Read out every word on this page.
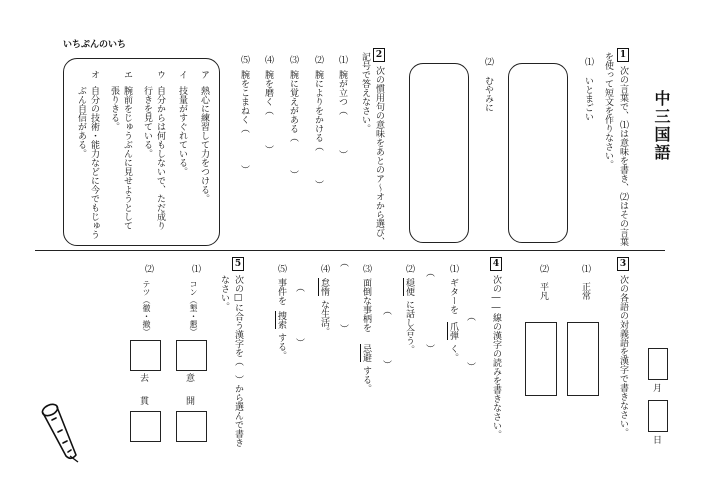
中三国語
いちぷんのいち
1
次の言葉で、⑴は意味を書き、⑵はその言葉
を使って短文を作りなさい。
⑴
いとまごい
⑵
むやみに
2
次の慣用句の意味をあとのア〜オから選び、
記号で答えなさい。
⑴
腕が立つ（
）
⑵
腕によりをかける（
）
⑶
腕に覚えがある（
）
⑷
腕を磨く（
）
⑸
腕をこまねく（
）
ア
熱心に練習して力をつける。
イ
技量がすぐれている。
ウ
自分からは何もしないで、ただ成り
行きを見ている。
エ
腕前をじゅうぶんに見せようとして
張りきる。
オ
自分の技術・能力などに今でもじゅう
ぶん自信がある。
月
日
3
次の各語の対義語を漢字で書きなさい。
⑴
正常
⑵
平凡
4
次の――線の漢字の読みを書きなさい。
⑴
ギターを
爪弾
く。
（
）
⑵
穏便
に話し合う。
（
）
⑶
面倒な事柄を
忌避
する。
（
）
⑷
怠惰
な生活。
（
）
⑸
事件を
捜索
する。
（
）
5
次の□に合う漢字を（　）から選んで書き
なさい。
⑴
コン（墾・懇）
意
開
⑵
テツ（徹・撤）
去
貫
